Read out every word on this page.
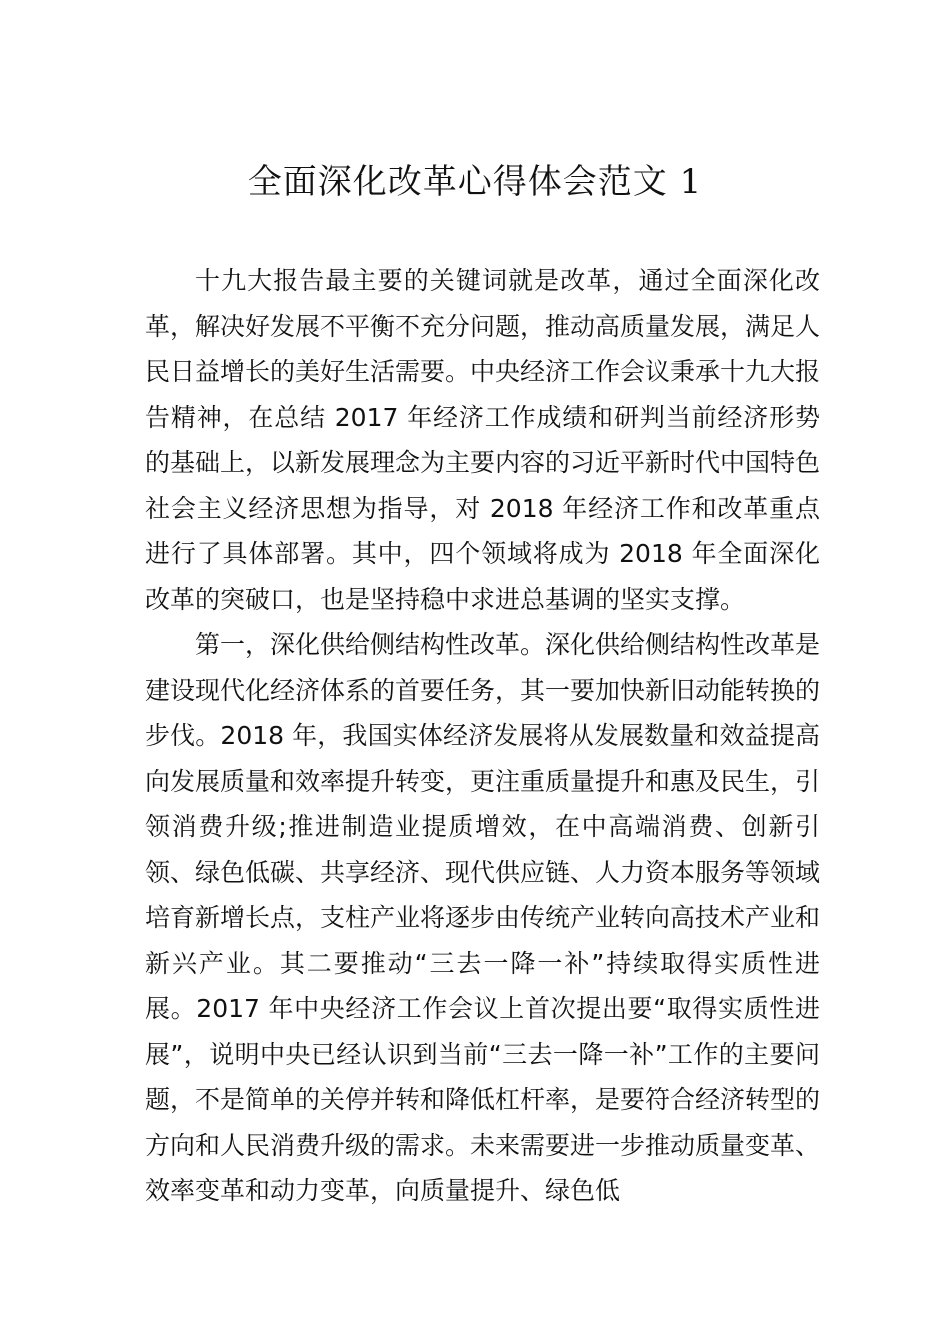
全面深化改革心得体会范文 1

十九大报告最主要的关键词就是改革，通过全面深化改革，解决好发展不平衡不充分问题，推动高质量发展，满足人民日益增长的美好生活需要。中央经济工作会议秉承十九大报告精神，在总结 2017 年经济工作成绩和研判当前经济形势的基础上，以新发展理念为主要内容的习近平新时代中国特色社会主义经济思想为指导，对 2018 年经济工作和改革重点进行了具体部署。其中，四个领域将成为 2018 年全面深化改革的突破口，也是坚持稳中求进总基调的坚实支撑。

第一，深化供给侧结构性改革。深化供给侧结构性改革是建设现代化经济体系的首要任务，其一要加快新旧动能转换的步伐。2018 年，我国实体经济发展将从发展数量和效益提高向发展质量和效率提升转变，更注重质量提升和惠及民生，引领消费升级;推进制造业提质增效，在中高端消费、创新引领、绿色低碳、共享经济、现代供应链、人力资本服务等领域培育新增长点，支柱产业将逐步由传统产业转向高技术产业和新兴产业。其二要推动“三去一降一补”持续取得实质性进展。2017 年中央经济工作会议上首次提出要“取得实质性进展”，说明中央已经认识到当前“三去一降一补”工作的主要问题，不是简单的关停并转和降低杠杆率，是要符合经济转型的方向和人民消费升级的需求。未来需要进一步推动质量变革、效率变革和动力变革，向质量提升、绿色低
